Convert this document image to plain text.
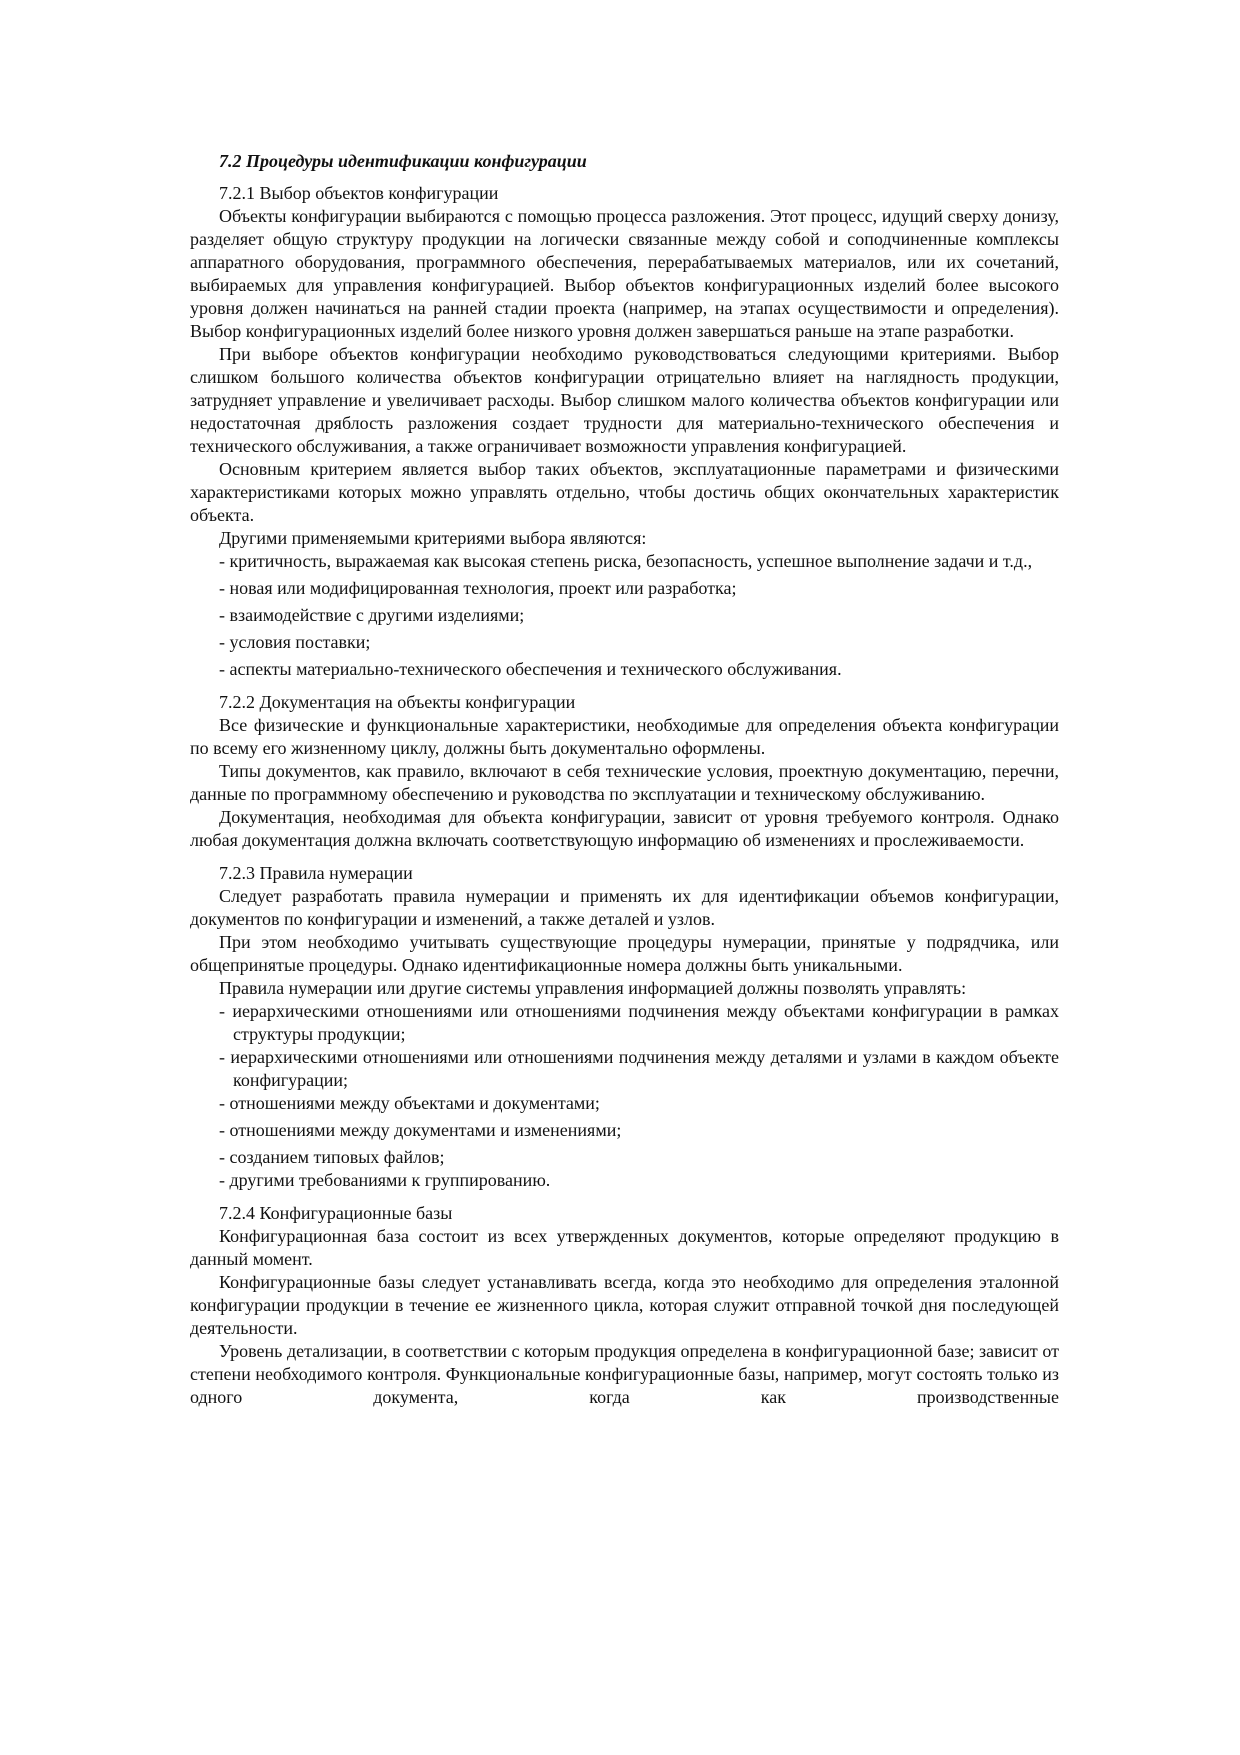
7.2 Процедуры идентификации конфигурации

7.2.1 Выбор объектов конфигурации

Объекты конфигурации выбираются с помощью процесса разложения. Этот процесс, идущий сверху донизу, разделяет общую структуру продукции на логически связанные между собой и соподчиненные комплексы аппаратного оборудования, программного обеспечения, перерабатываемых материалов, или их сочетаний, выбираемых для управления конфигурацией. Выбор объектов конфигурационных изделий более высокого уровня должен начинаться на ранней стадии проекта (например, на этапах осуществимости и определения). Выбор конфигурационных изделий более низкого уровня должен завершаться раньше на этапе разработки.

При выборе объектов конфигурации необходимо руководствоваться следующими критериями. Выбор слишком большого количества объектов конфигурации отрицательно влияет на наглядность продукции, затрудняет управление и увеличивает расходы. Выбор слишком малого количества объектов конфигурации или недостаточная дряблость разложения создает трудности для материально-технического обеспечения и технического обслуживания, а также ограничивает возможности управления конфигурацией.

Основным критерием является выбор таких объектов, эксплуатационные параметрами и физическими характеристиками которых можно управлять отдельно, чтобы достичь общих окончательных характеристик объекта.

Другими применяемыми критериями выбора являются:

- критичность, выражаемая как высокая степень риска, безопасность, успешное выполнение задачи и т.д.,
- новая или модифицированная технология, проект или разработка;
- взаимодействие с другими изделиями;
- условия поставки;
- аспекты материально-технического обеспечения и технического обслуживания.

7.2.2 Документация на объекты конфигурации

Все физические и функциональные характеристики, необходимые для определения объекта конфигурации по всему его жизненному циклу, должны быть документально оформлены.

Типы документов, как правило, включают в себя технические условия, проектную документацию, перечни, данные по программному обеспечению и руководства по эксплуатации и техническому обслуживанию.

Документация, необходимая для объекта конфигурации, зависит от уровня требуемого контроля. Однако любая документация должна включать соответствующую информацию об изменениях и прослеживаемости.

7.2.3 Правила нумерации

Следует разработать правила нумерации и применять их для идентификации объемов конфигурации, документов по конфигурации и изменений, а также деталей и узлов.

При этом необходимо учитывать существующие процедуры нумерации, принятые у подрядчика, или общепринятые процедуры. Однако идентификационные номера должны быть уникальными.

Правила нумерации или другие системы управления информацией должны позволять управлять:

- иерархическими отношениями или отношениями подчинения между объектами конфигурации в рамках структуры продукции;
- иерархическими отношениями или отношениями подчинения между деталями и узлами в каждом объекте конфигурации;
- отношениями между объектами и документами;
- отношениями между документами и изменениями;
- созданием типовых файлов;
- другими требованиями к группированию.

7.2.4 Конфигурационные базы

Конфигурационная база состоит из всех утвержденных документов, которые определяют продукцию в данный момент.

Конфигурационные базы следует устанавливать всегда, когда это необходимо для определения эталонной конфигурации продукции в течение ее жизненного цикла, которая служит отправной точкой дня последующей деятельности.

Уровень детализации, в соответствии с которым продукция определена в конфигурационной базе; зависит от степени необходимого контроля. Функциональные конфигурационные базы, например, могут состоять только из одного документа, когда как производственные
